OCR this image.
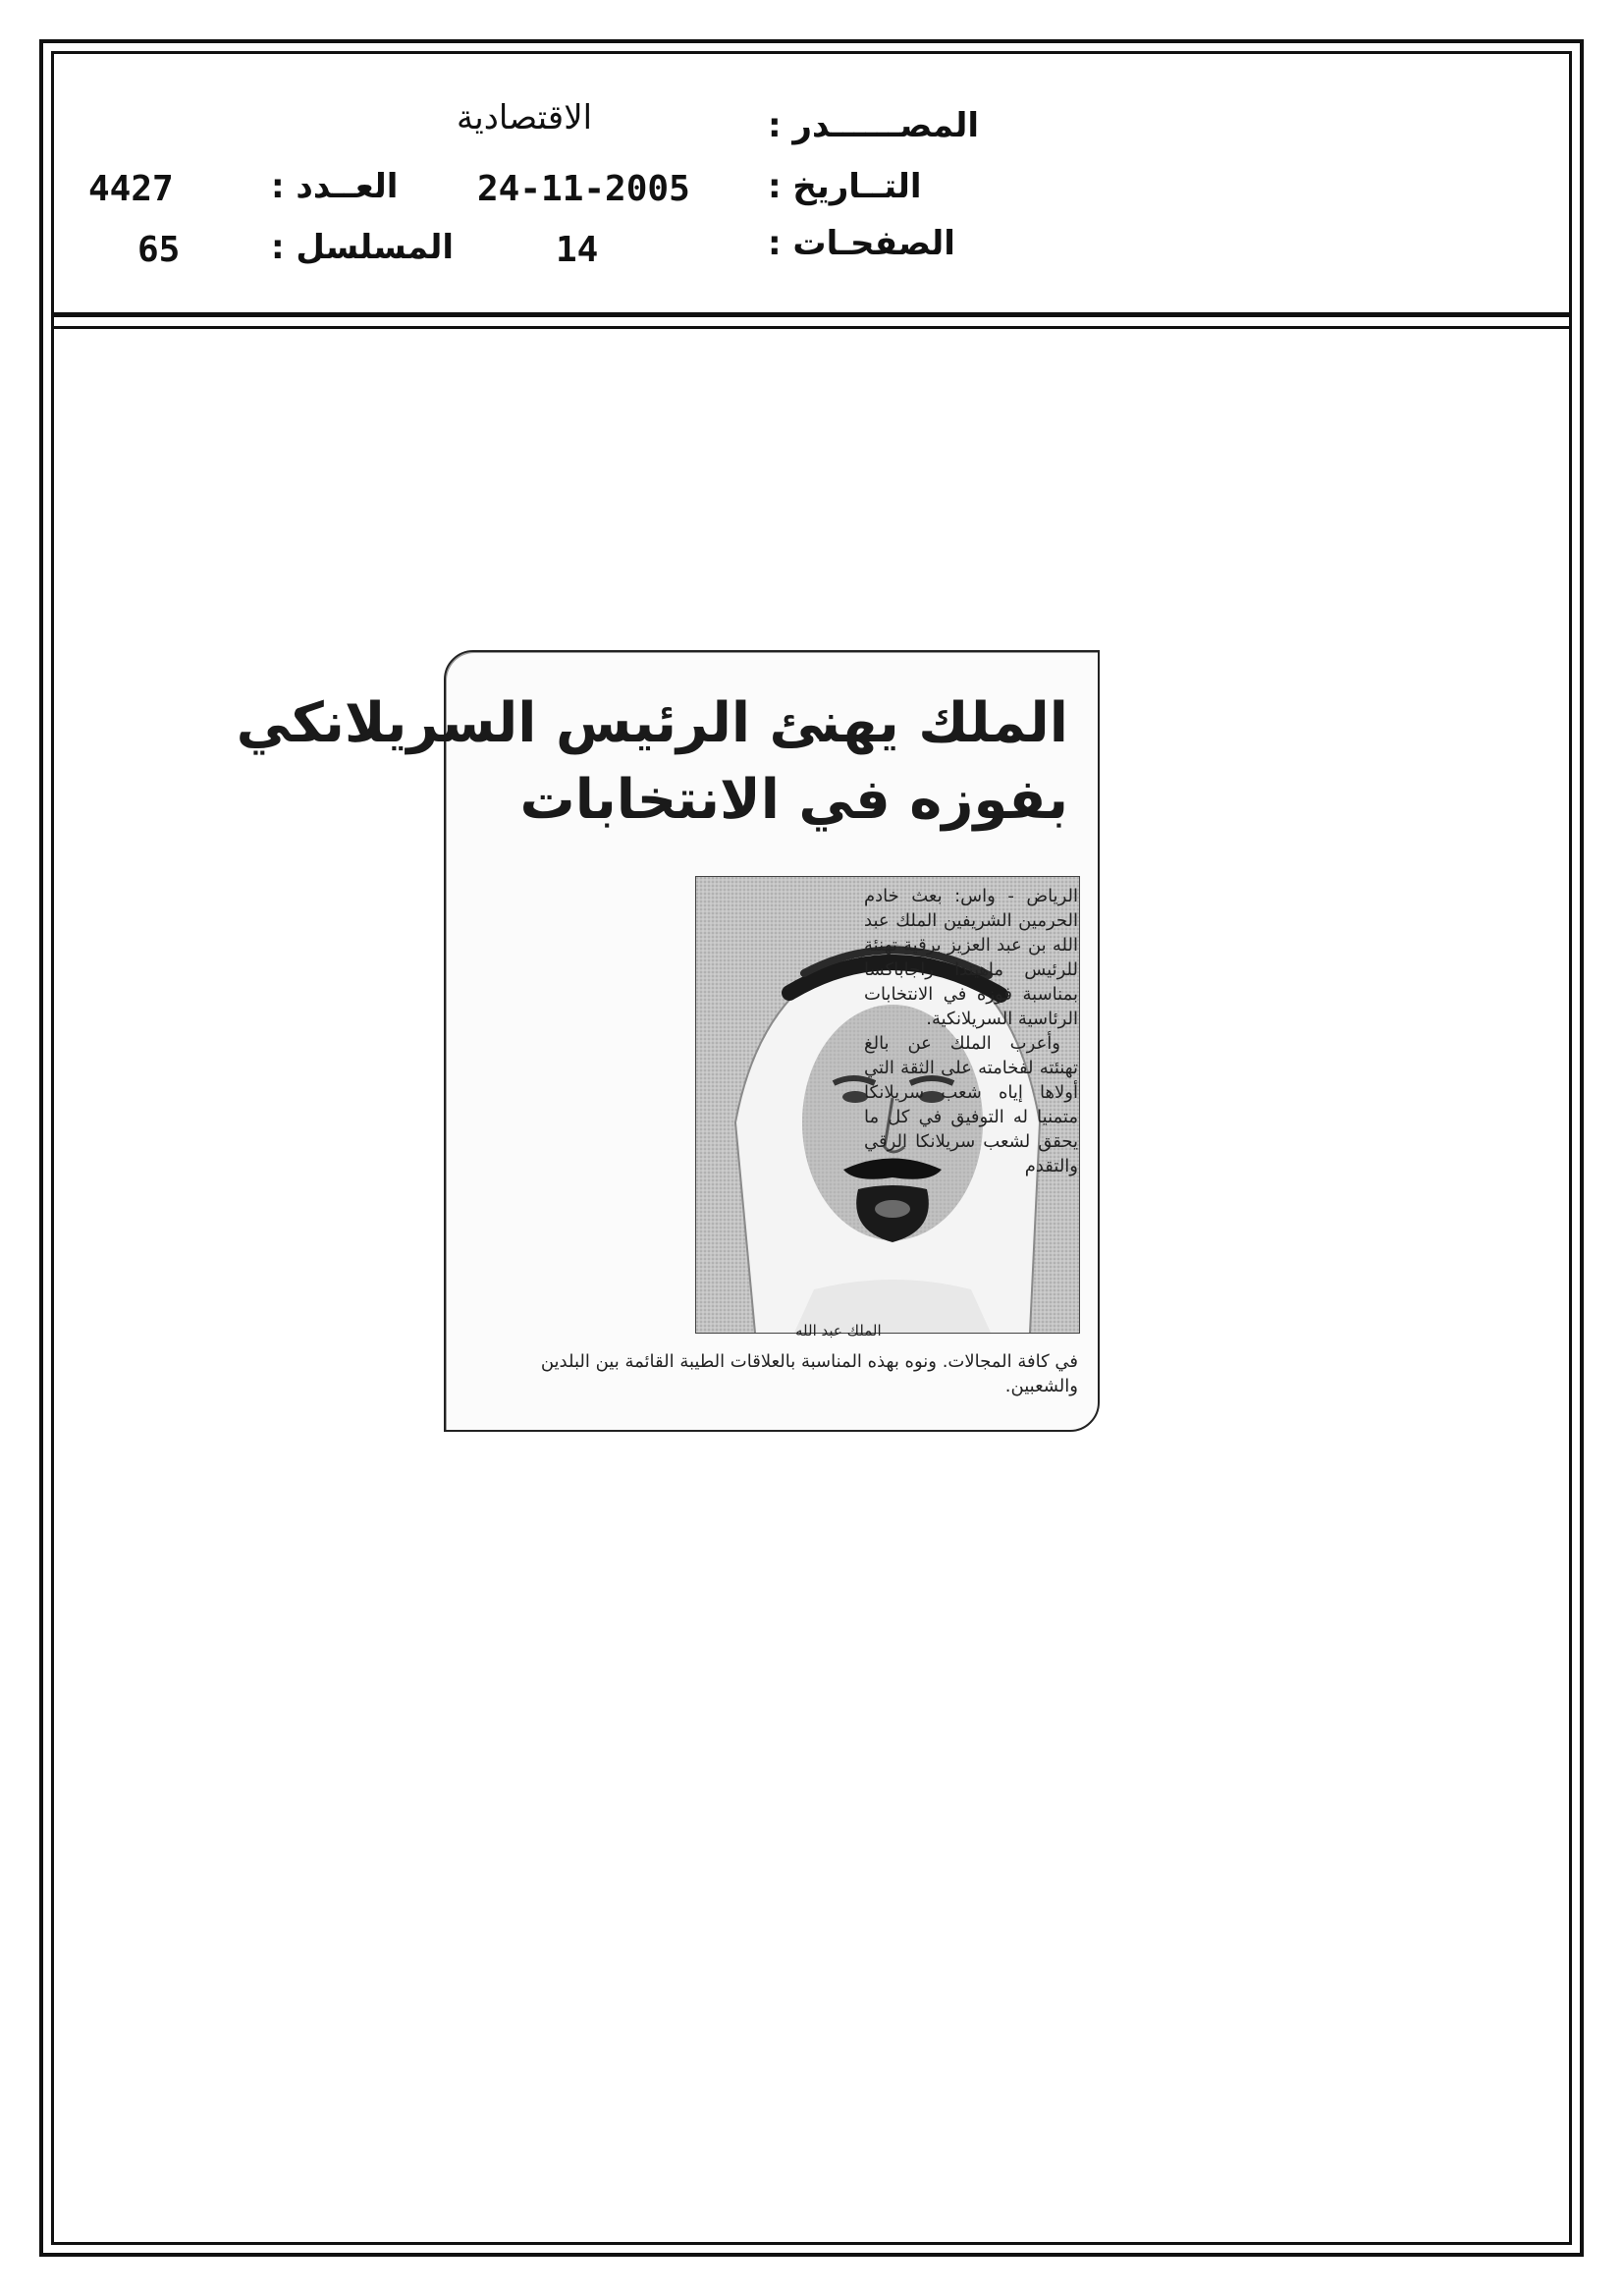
المصــــــدر :
الاقتصادية
التــاريخ :
24-11-2005
الصفحـات :
14
العــدد :
4427
المسلسل :
65
الملك يهنئ الرئيس السريلانكي
بفوزه في الانتخابات
الملك عبد الله

الرياض - واس: بعث خادم الحرمين الشريفين الملك عبد الله بن عبد العزيز برقية تهنئة للرئيس ماهيندا راجاباكسا بمناسبة فوزه في الانتخابات الرئاسية السريلانكية.

وأعرب الملك عن بالغ تهنئته لفخامته على الثقة التي أولاها إياه شعب سريلانكا متمنيا له التوفيق في كل ما يحقق لشعب سريلانكا الرقي والتقدم

في كافة المجالات. ونوه بهذه المناسبة بالعلاقات الطيبة القائمة بين البلدين والشعبين.
